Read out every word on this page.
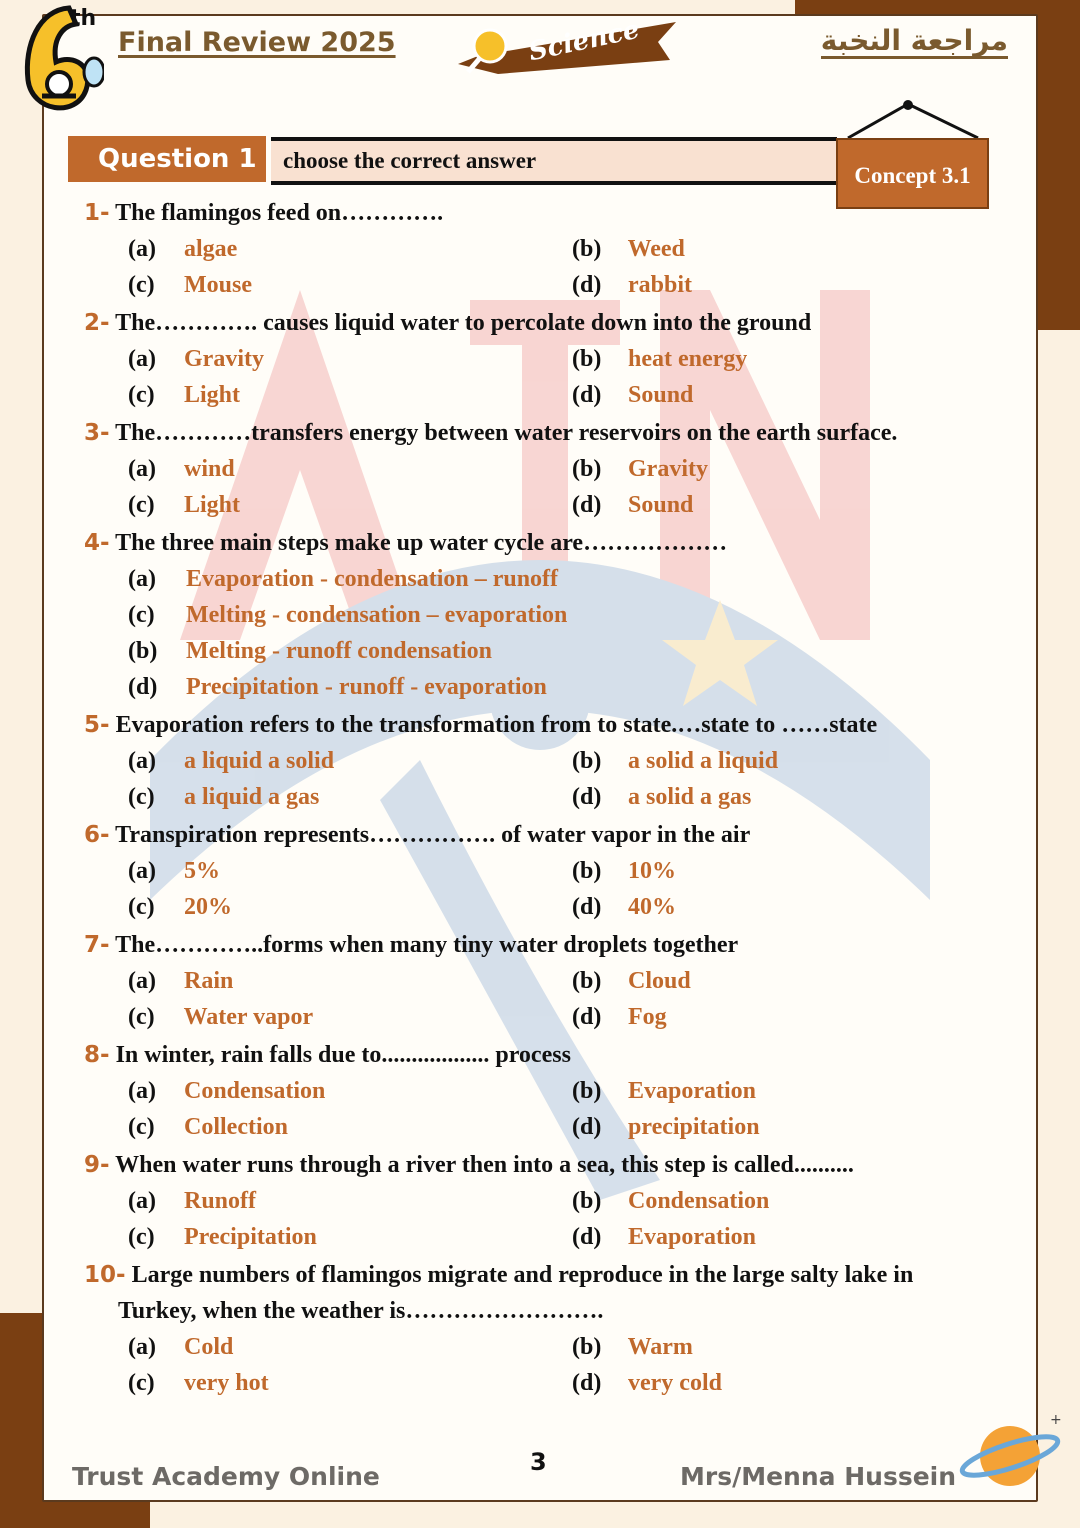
th
Final Review 2025	Science	مراجعة النخبة
Question 1	choose the correct answer
Concept 3.1
1- The flamingos feed on………….
(a) algae	(b) Weed
(c) Mouse	(d) rabbit
2- The…………. causes liquid water to percolate down into the ground
(a) Gravity	(b) heat energy
(c) Light	(d) Sound
3- The…………transfers energy between water reservoirs on the earth surface.
(a) wind	(b) Gravity
(c) Light	(d) Sound
4- The three main steps make up water cycle are………………
(a) Evaporation - condensation – runoff
(c) Melting - condensation – evaporation
(b) Melting - runoff condensation
(d) Precipitation - runoff - evaporation
5- Evaporation refers to the transformation from to state.…state to ……state
(a) a liquid a solid	(b) a solid a liquid
(c) a liquid a gas	(d) a solid a gas
6- Transpiration represents……………. of water vapor in the air
(a) 5%	(b) 10%
(c) 20%	(d) 40%
7- The…………..forms when many tiny water droplets together
(a) Rain	(b) Cloud
(c) Water vapor	(d) Fog
8- In winter, rain falls due to.................. process
(a) Condensation	(b) Evaporation
(c) Collection	(d) precipitation
9- When water runs through a river then into a sea, this step is called..........
(a) Runoff	(b) Condensation
(c) Precipitation	(d) Evaporation
10- Large numbers of flamingos migrate and reproduce in the large salty lake in
Turkey, when the weather is…………………….
(a) Cold	(b) Warm
(c) very hot	(d) very cold
3
Trust Academy Online	Mrs/Menna Hussein
+
